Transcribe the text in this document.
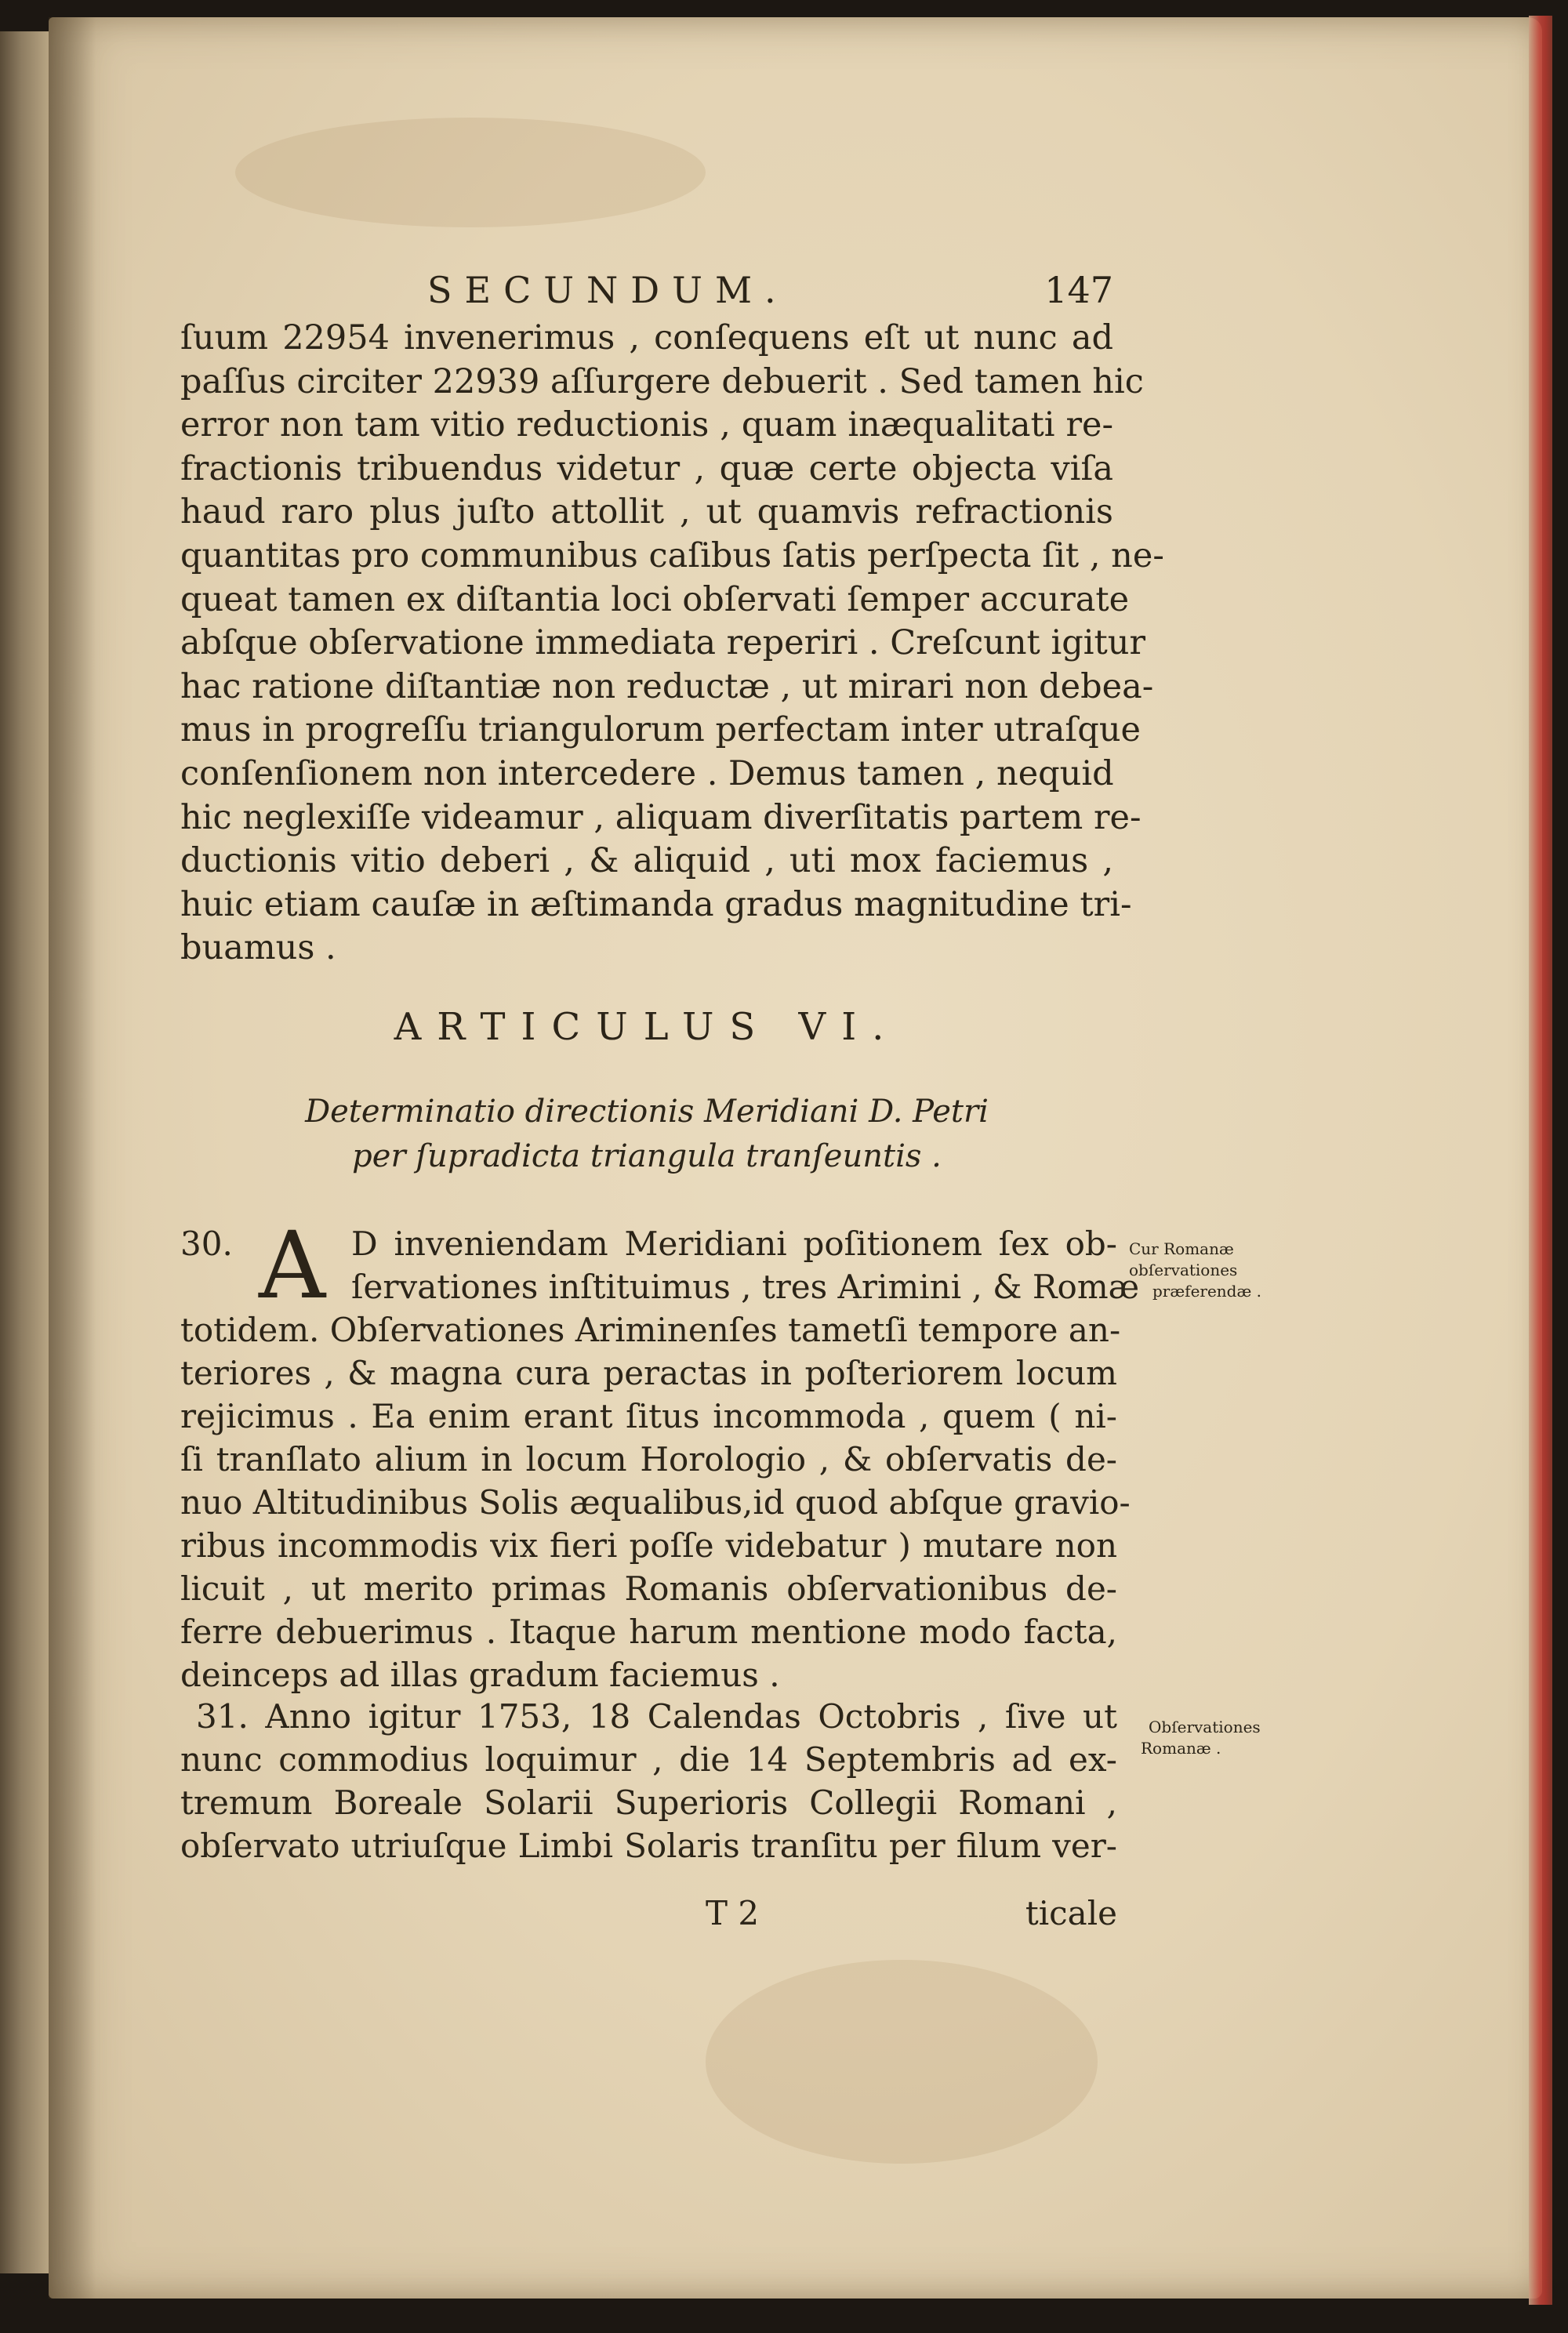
SECUNDUM.	147
ſuum 22954 invenerimus , conſequens eſt ut nunc ad
paſſus circiter 22939 aſſurgere debuerit . Sed tamen hic
error non tam vitio reductionis , quam inæqualitati re-
fractionis tribuendus videtur , quæ certe objecta viſa
haud raro plus juſto attollit , ut quamvis refractionis
quantitas pro communibus caſibus ſatis perſpecta ſit , ne-
queat tamen ex diſtantia loci obſervati ſemper accurate
abſque obſervatione immediata reperiri . Creſcunt igitur
hac ratione diſtantiæ non reductæ , ut mirari non debea-
mus in progreſſu triangulorum perfectam inter utraſque
conſenſionem non intercedere . Demus tamen , nequid
hic neglexiſſe videamur , aliquam diverſitatis partem re-
ductionis vitio deberi , & aliquid , uti mox faciemus ,
huic etiam cauſæ in æſtimanda gradus magnitudine tri-
buamus .
ARTICULUS VI.
Determinatio directionis Meridiani D. Petri
per ſupradicta triangula tranſeuntis .
30. A D inveniendam Meridiani poſitionem ſex ob-
ſervationes inſtituimus , tres Arimini , & Romæ
totidem. Obſervationes Ariminenſes tametſi tempore an-
teriores , & magna cura peractas in poſteriorem locum
rejicimus . Ea enim erant ſitus incommoda , quem ( ni-
ſi tranſlato alium in locum Horologio , & obſervatis de-
nuo Altitudinibus Solis æqualibus,id quod abſque gravio-
ribus incommodis vix fieri poſſe videbatur ) mutare non
licuit , ut merito primas Romanis obſervationibus de-
ferre debuerimus . Itaque harum mentione modo facta,
deinceps ad illas gradum faciemus .
Cur Romanæ
obſervationes
præferendæ .
31. Anno igitur 1753, 18 Calendas Octobris , ſive ut
nunc commodius loquimur , die 14 Septembris ad ex-
tremum Boreale Solarii Superioris Collegii Romani ,
obſervato utriuſque Limbi Solaris tranſitu per filum ver-
Obſervationes
Romanæ .
T 2	ticale
